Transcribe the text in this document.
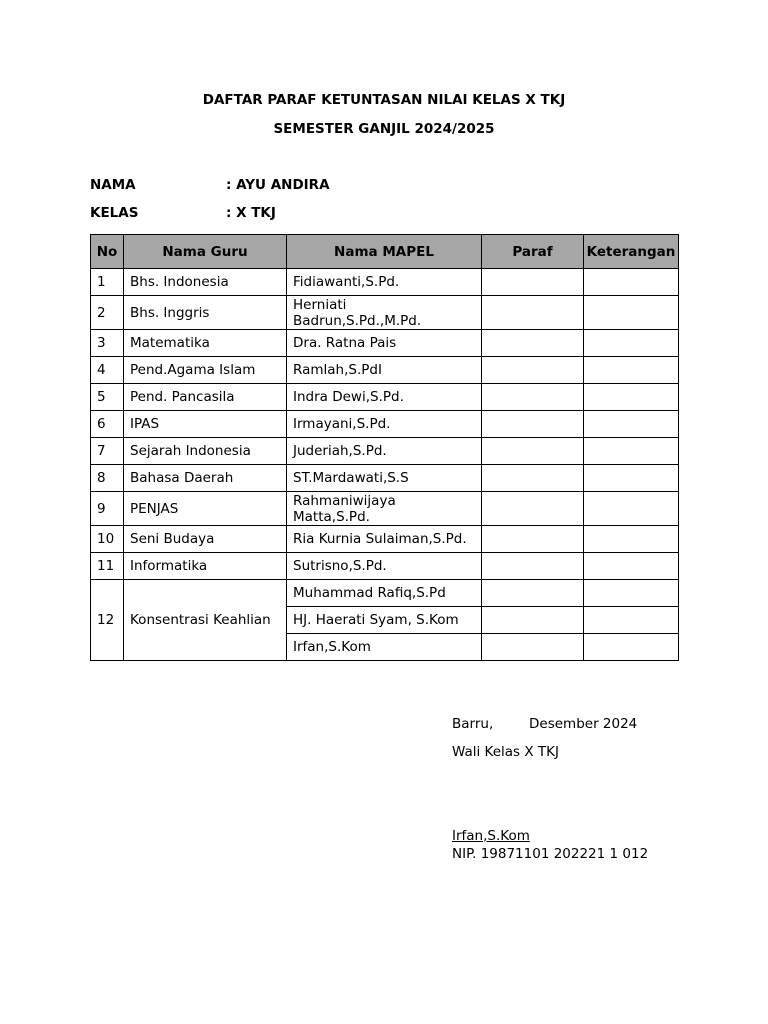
DAFTAR PARAF KETUNTASAN NILAI KELAS X TKJ
SEMESTER GANJIL 2024/2025
NAMA	: AYU ANDIRA
KELAS	: X TKJ
No	Nama Guru	Nama MAPEL	Paraf	Keterangan
1	Bhs. Indonesia	Fidiawanti,S.Pd.		
2	Bhs. Inggris	Herniati Badrun,S.Pd.,M.Pd.		
3	Matematika	Dra. Ratna Pais		
4	Pend.Agama Islam	Ramlah,S.PdI		
5	Pend. Pancasila	Indra Dewi,S.Pd.		
6	IPAS	Irmayani,S.Pd.		
7	Sejarah Indonesia	Juderiah,S.Pd.		
8	Bahasa Daerah	ST.Mardawati,S.S		
9	PENJAS	Rahmaniwijaya Matta,S.Pd.		
10	Seni Budaya	Ria Kurnia Sulaiman,S.Pd.		
11	Informatika	Sutrisno,S.Pd.		
12	Konsentrasi Keahlian	Muhammad Rafiq,S.Pd		
		HJ. Haerati Syam, S.Kom		
		Irfan,S.Kom		
Barru,	Desember 2024
Wali Kelas X TKJ
Irfan,S.Kom
NIP. 19871101 202221 1 012
